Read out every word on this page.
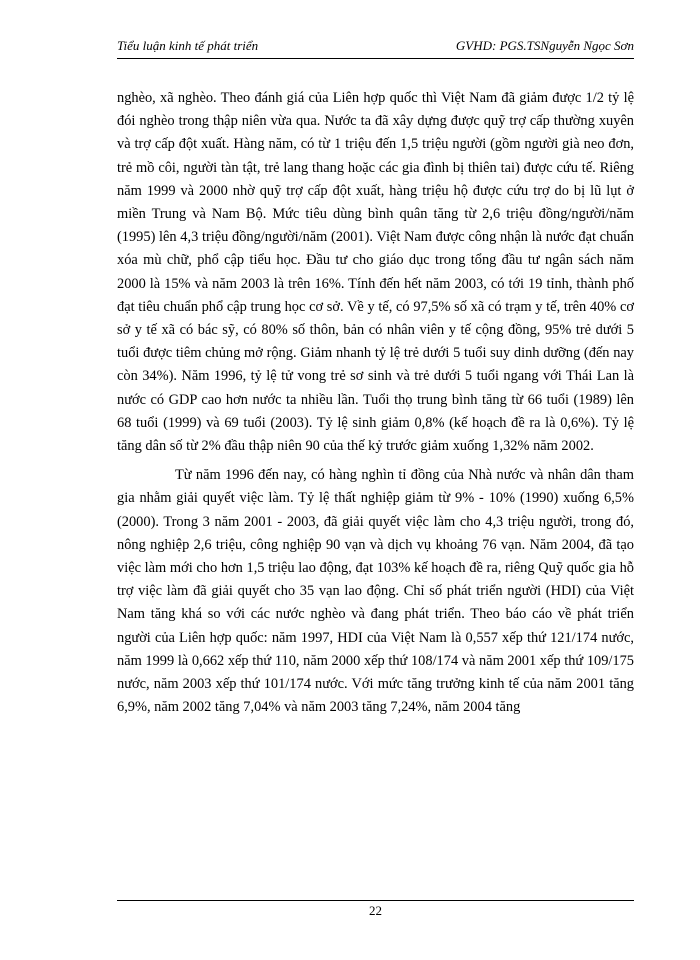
Tiểu luận kinh tế phát triển	GVHD: PGS.TSNguyễn Ngọc Sơn

nghèo, xã nghèo. Theo đánh giá của Liên hợp quốc thì Việt Nam đã giảm được 1/2 tỷ lệ đói nghèo trong thập niên vừa qua. Nước ta đã xây dựng được quỹ trợ cấp thường xuyên và trợ cấp đột xuất. Hàng năm, có từ 1 triệu đến 1,5 triệu người (gồm người già neo đơn, trẻ mồ côi, người tàn tật, trẻ lang thang hoặc các gia đình bị thiên tai) được cứu tế. Riêng năm 1999 và 2000 nhờ quỹ trợ cấp đột xuất, hàng triệu hộ được cứu trợ do bị lũ lụt ở miền Trung và Nam Bộ. Mức tiêu dùng bình quân tăng từ 2,6 triệu đồng/người/năm (1995) lên 4,3 triệu đồng/người/năm (2001). Việt Nam được công nhận là nước đạt chuẩn xóa mù chữ, phổ cập tiểu học. Đầu tư cho giáo dục trong tổng đầu tư ngân sách năm 2000 là 15% và năm 2003 là trên 16%. Tính đến hết năm 2003, có tới 19 tỉnh, thành phố đạt tiêu chuẩn phổ cập trung học cơ sở. Về y tế, có 97,5% số xã có trạm y tế, trên 40% cơ sở y tế xã có bác sỹ, có 80% số thôn, bản có nhân viên y tế cộng đồng, 95% trẻ dưới 5 tuổi được tiêm chủng mở rộng. Giảm nhanh tỷ lệ trẻ dưới 5 tuổi suy dinh dưỡng (đến nay còn 34%). Năm 1996, tỷ lệ tử vong trẻ sơ sinh và trẻ dưới 5 tuổi ngang với Thái Lan là nước có GDP cao hơn nước ta nhiều lần. Tuổi thọ trung bình tăng từ 66 tuổi (1989) lên 68 tuổi (1999) và 69 tuổi (2003). Tỷ lệ sinh giảm 0,8% (kế hoạch đề ra là 0,6%). Tỷ lệ tăng dân số từ 2% đầu thập niên 90 của thế kỷ trước giảm xuống 1,32% năm 2002.

Từ năm 1996 đến nay, có hàng nghìn tỉ đồng của Nhà nước và nhân dân tham gia nhằm giải quyết việc làm. Tỷ lệ thất nghiệp giảm từ 9% - 10% (1990) xuống 6,5% (2000). Trong 3 năm 2001 - 2003, đã giải quyết việc làm cho 4,3 triệu người, trong đó, nông nghiệp 2,6 triệu, công nghiệp 90 vạn và dịch vụ khoảng 76 vạn. Năm 2004, đã tạo việc làm mới cho hơn 1,5 triệu lao động, đạt 103% kế hoạch đề ra, riêng Quỹ quốc gia hỗ trợ việc làm đã giải quyết cho 35 vạn lao động. Chỉ số phát triển người (HDI) của Việt Nam tăng khá so với các nước nghèo và đang phát triển. Theo báo cáo về phát triển người của Liên hợp quốc: năm 1997, HDI của Việt Nam là 0,557 xếp thứ 121/174 nước, năm 1999 là 0,662 xếp thứ 110, năm 2000 xếp thứ 108/174 và năm 2001 xếp thứ 109/175 nước, năm 2003 xếp thứ 101/174 nước. Với mức tăng trưởng kinh tế của năm 2001 tăng 6,9%, năm 2002 tăng 7,04% và năm 2003 tăng 7,24%, năm 2004 tăng

22
